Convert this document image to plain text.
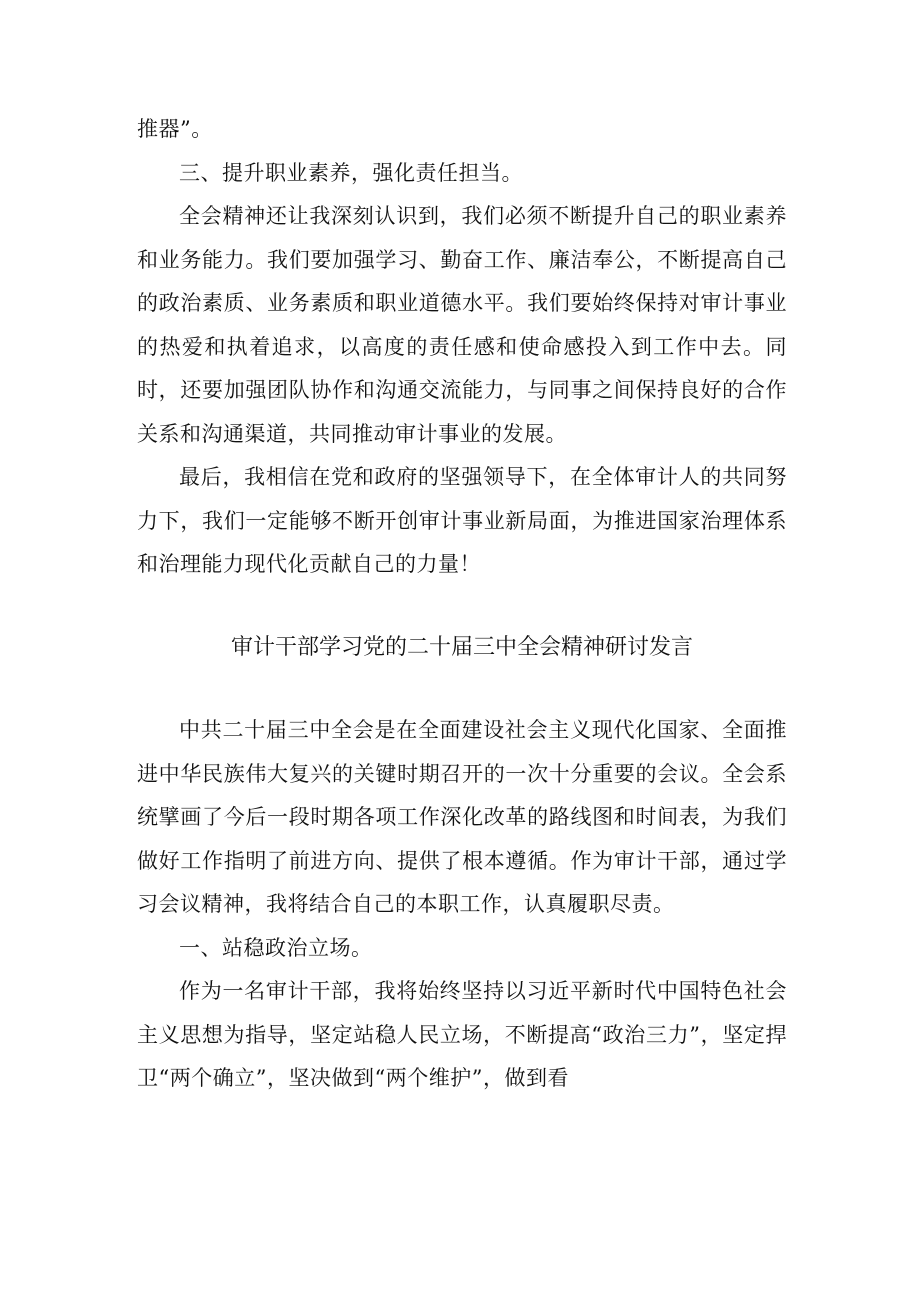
推器”。

三、提升职业素养，强化责任担当。

全会精神还让我深刻认识到，我们必须不断提升自己的职业素养和业务能力。我们要加强学习、勤奋工作、廉洁奉公，不断提高自己的政治素质、业务素质和职业道德水平。我们要始终保持对审计事业的热爱和执着追求，以高度的责任感和使命感投入到工作中去。同时，还要加强团队协作和沟通交流能力，与同事之间保持良好的合作关系和沟通渠道，共同推动审计事业的发展。

最后，我相信在党和政府的坚强领导下，在全体审计人的共同努力下，我们一定能够不断开创审计事业新局面，为推进国家治理体系和治理能力现代化贡献自己的力量！

审计干部学习党的二十届三中全会精神研讨发言

中共二十届三中全会是在全面建设社会主义现代化国家、全面推进中华民族伟大复兴的关键时期召开的一次十分重要的会议。全会系统擘画了今后一段时期各项工作深化改革的路线图和时间表，为我们做好工作指明了前进方向、提供了根本遵循。作为审计干部，通过学习会议精神，我将结合自己的本职工作，认真履职尽责。

一、站稳政治立场。

作为一名审计干部，我将始终坚持以习近平新时代中国特色社会主义思想为指导，坚定站稳人民立场，不断提高“政治三力”，坚定捍卫“两个确立”，坚决做到“两个维护”，做到看
